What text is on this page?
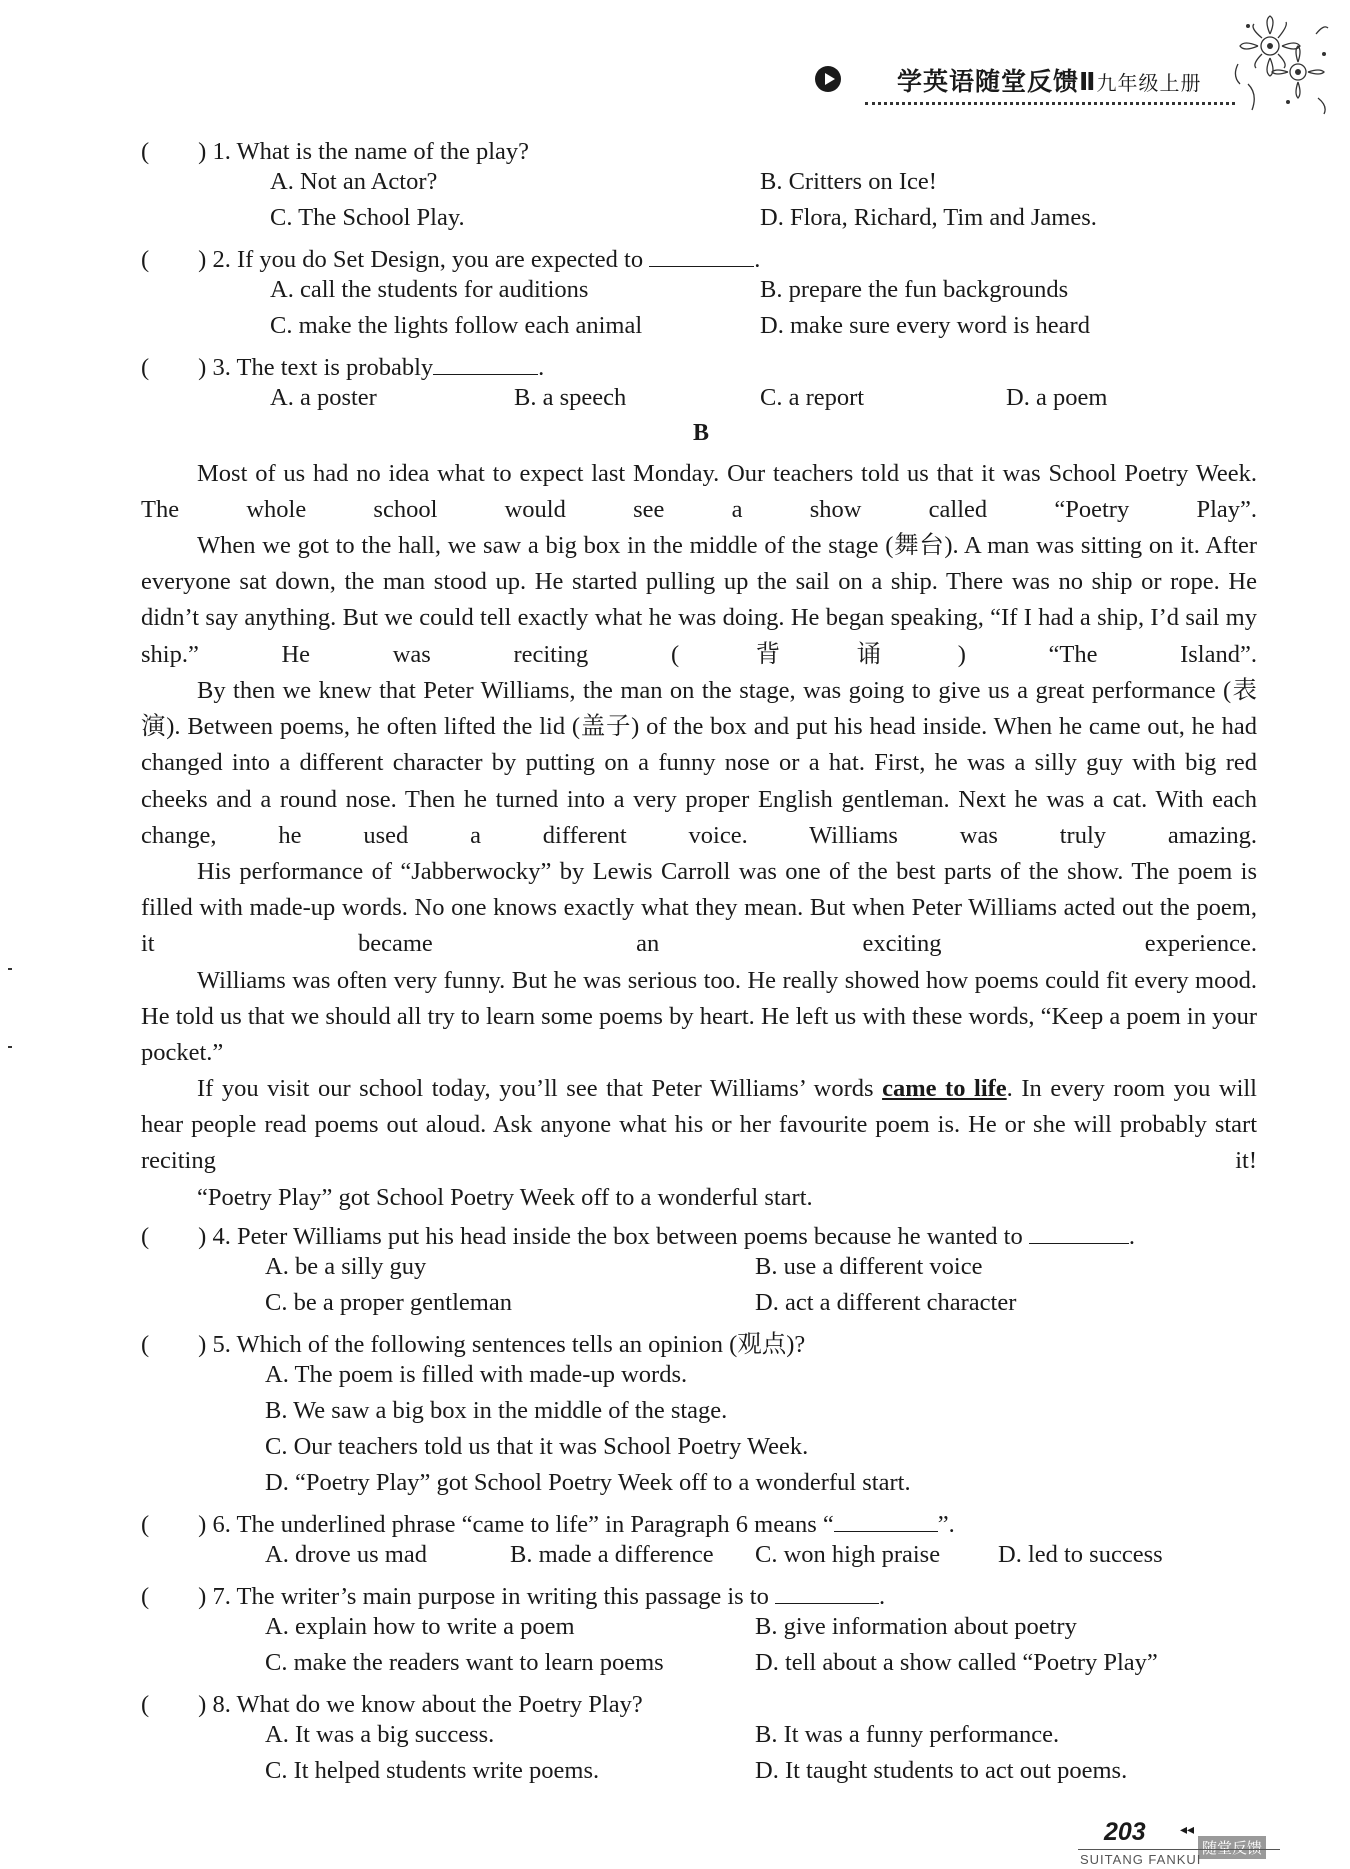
学英语随堂反馈Ⅱ九年级上册
(　　) 1. What is the name of the play?
A. Not an Actor?	B. Critters on Ice!
C. The School Play.	D. Flora, Richard, Tim and James.
(　　) 2. If you do Set Design, you are expected to	.
A. call the students for auditions	B. prepare the fun backgrounds
C. make the lights follow each animal	D. make sure every word is heard
(　　) 3. The text is probably	.
A. a poster	B. a speech	C. a report	D. a poem
B
Most of us had no idea what to expect last Monday. Our teachers told us that it was School Poetry Week. The whole school would see a show called “Poetry Play”.
When we got to the hall, we saw a big box in the middle of the stage (舞台). A man was sitting on it. After everyone sat down, the man stood up. He started pulling up the sail on a ship. There was no ship or rope. He didn’t say anything. But we could tell exactly what he was doing. He began speaking, “If I had a ship, I’d sail my ship.” He was reciting (背诵) “The Island”.
By then we knew that Peter Williams, the man on the stage, was going to give us a great performance (表演). Between poems, he often lifted the lid (盖子) of the box and put his head inside. When he came out, he had changed into a different character by putting on a funny nose or a hat. First, he was a silly guy with big red cheeks and a round nose. Then he turned into a very proper English gentleman. Next he was a cat. With each change, he used a different voice. Williams was truly amazing.
His performance of “Jabberwocky” by Lewis Carroll was one of the best parts of the show. The poem is filled with made-up words. No one knows exactly what they mean. But when Peter Williams acted out the poem, it became an exciting experience.
Williams was often very funny. But he was serious too. He really showed how poems could fit every mood. He told us that we should all try to learn some poems by heart. He left us with these words, “Keep a poem in your pocket.”
If you visit our school today, you’ll see that Peter Williams’ words came to life. In every room you will hear people read poems out aloud. Ask anyone what his or her favourite poem is. He or she will probably start reciting it!
“Poetry Play” got School Poetry Week off to a wonderful start.
(　　) 4. Peter Williams put his head inside the box between poems because he wanted to	.
A. be a silly guy	B. use a different voice
C. be a proper gentleman	D. act a different character
(　　) 5. Which of the following sentences tells an opinion (观点)?
A. The poem is filled with made-up words.
B. We saw a big box in the middle of the stage.
C. Our teachers told us that it was School Poetry Week.
D. “Poetry Play” got School Poetry Week off to a wonderful start.
(　　) 6. The underlined phrase “came to life” in Paragraph 6 means “	”.
A. drove us mad	B. made a difference C. won high praise D. led to success
(　　) 7. The writer’s main purpose in writing this passage is to	.
A. explain how to write a poem	B. give information about poetry
C. make the readers want to learn poems	D. tell about a show called “Poetry Play”
(　　) 8. What do we know about the Poetry Play?
A. It was a big success.	B. It was a funny performance.
C. It helped students write poems.	D. It taught students to act out poems.
203 ◂◂
随堂反馈
SUITANG FANKUI
